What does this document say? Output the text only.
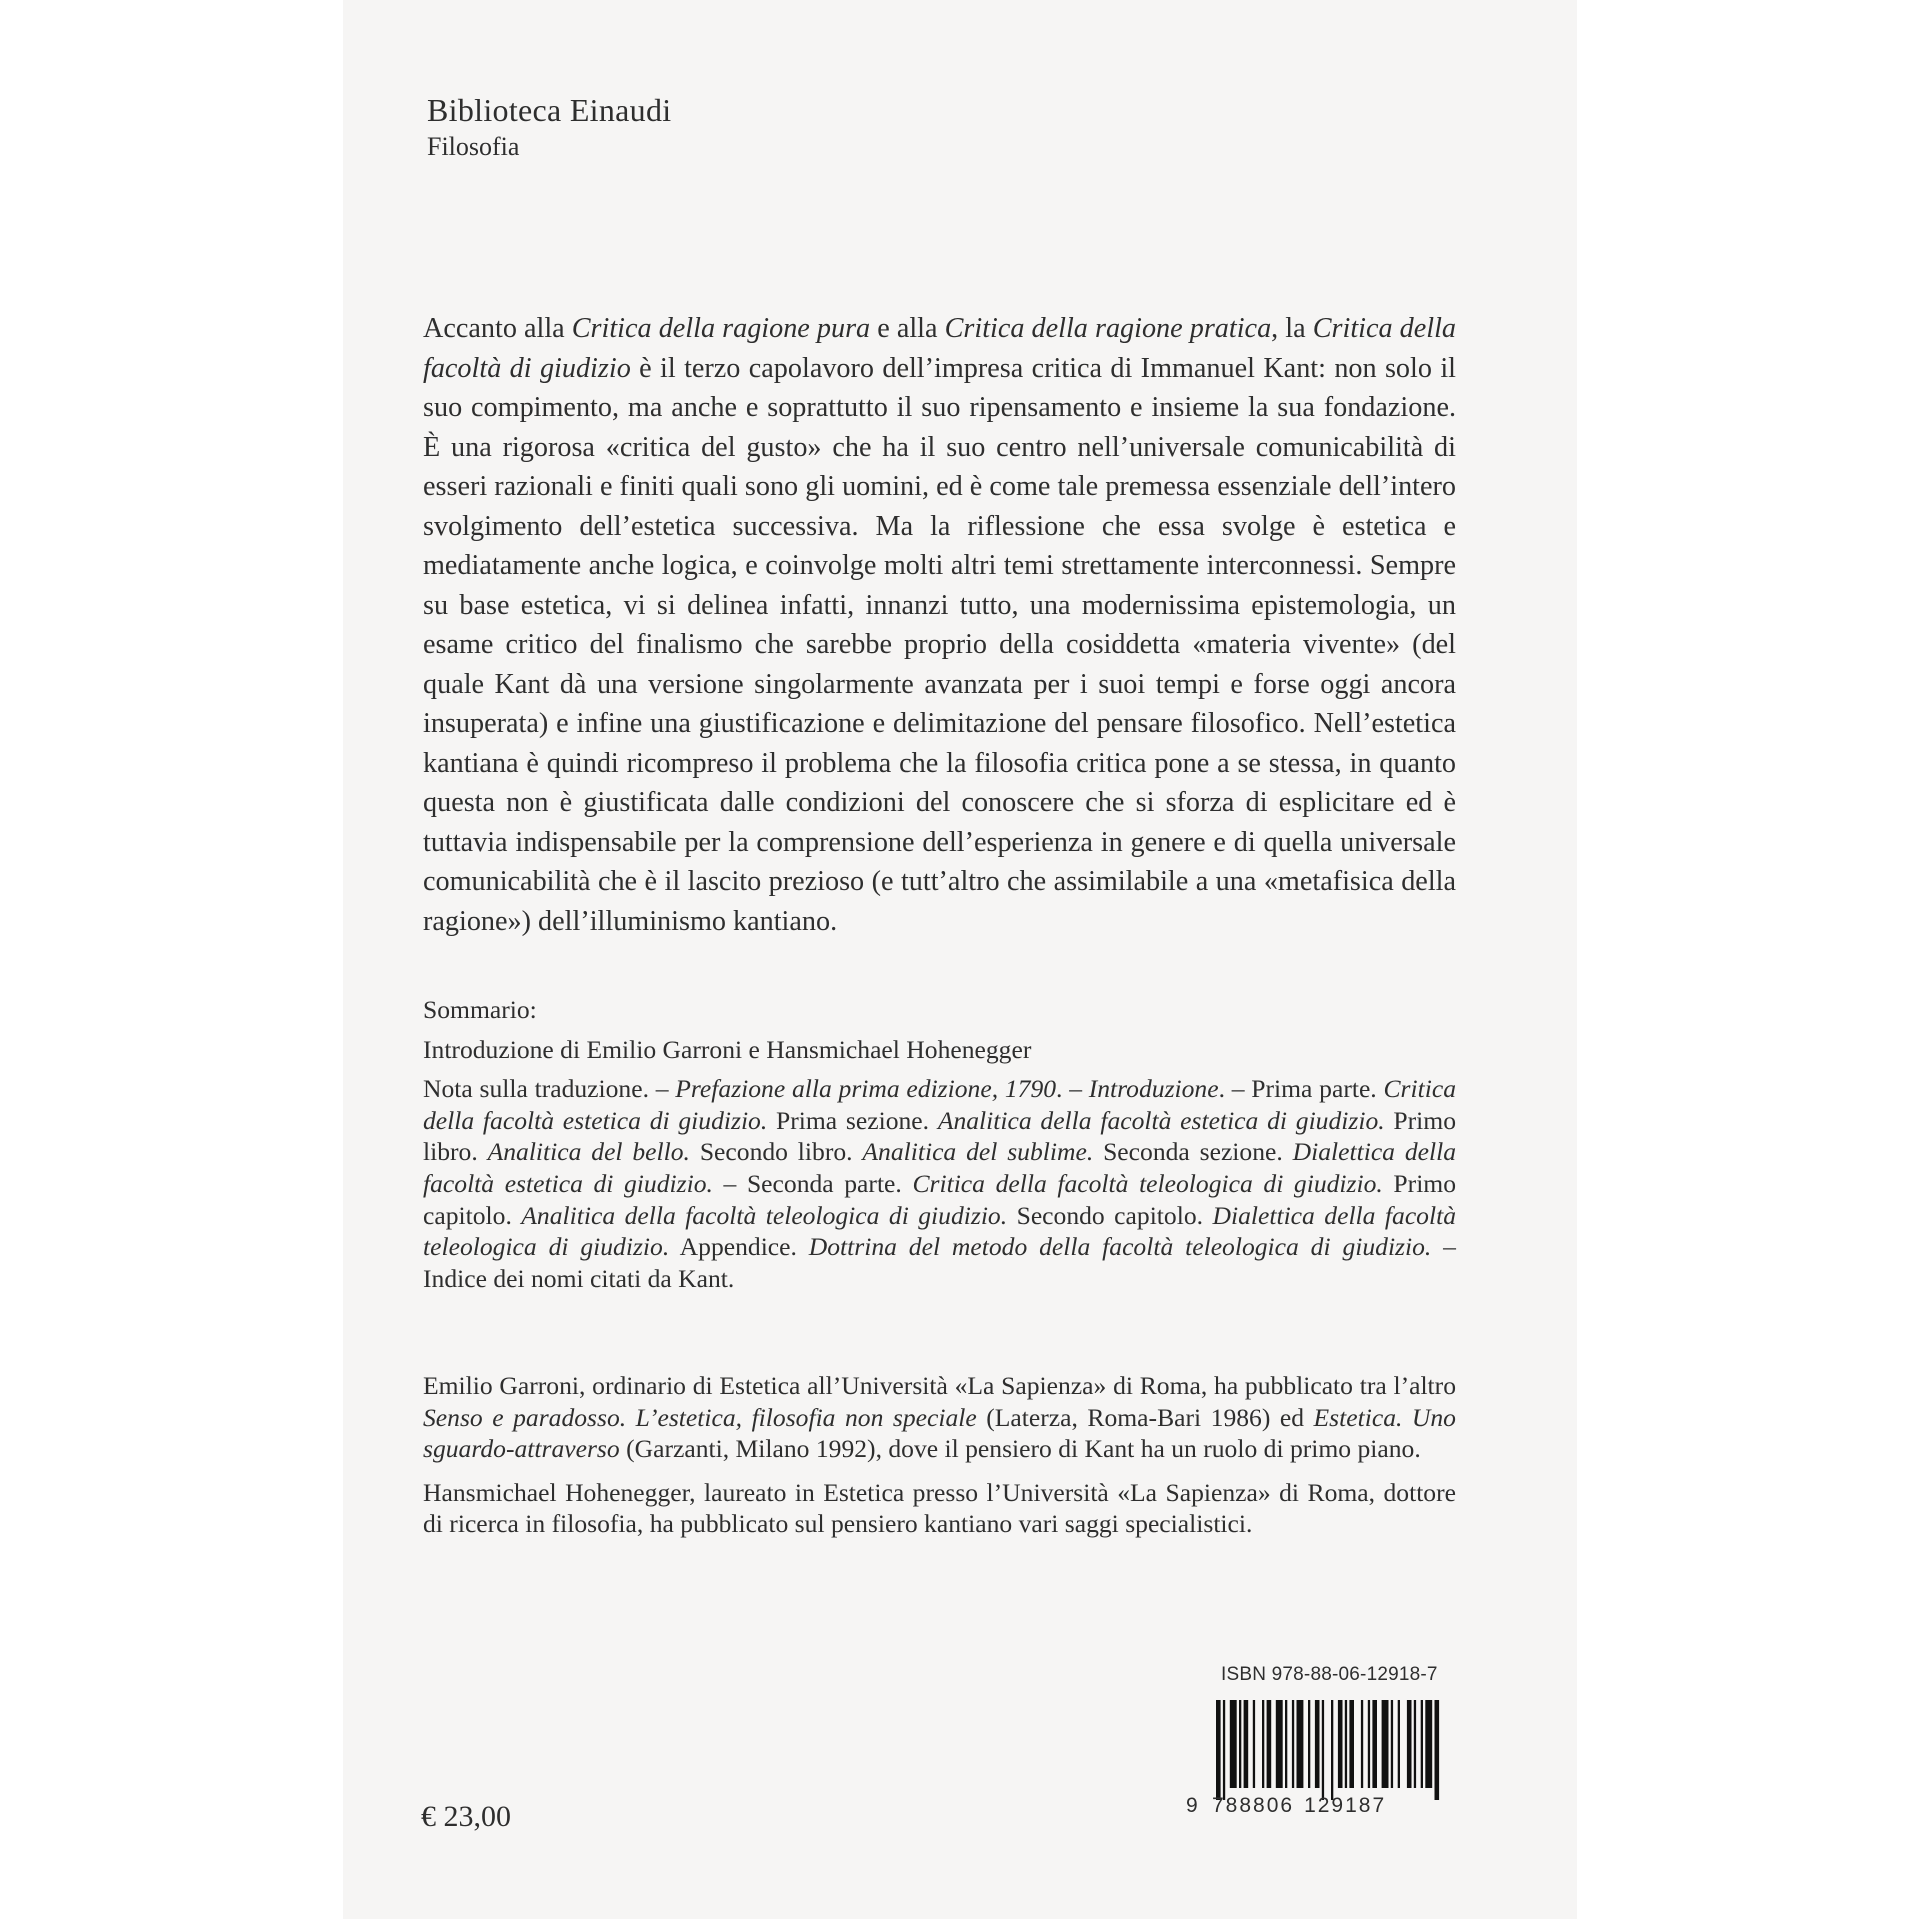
Biblioteca Einaudi
Filosofia

Accanto alla Critica della ragione pura e alla Critica della ragione pratica, la Critica della facoltà di giudizio è il terzo capolavoro dell’impresa critica di Immanuel Kant: non solo il suo compimento, ma anche e soprattutto il suo ripensamento e insieme la sua fondazione. È una rigorosa «critica del gusto» che ha il suo centro nell’universale comunicabilità di esseri razionali e finiti quali sono gli uomini, ed è come tale premessa essenziale dell’intero svolgimento dell’estetica successiva. Ma la riflessione che essa svolge è estetica e mediatamente anche logica, e coinvolge molti altri temi strettamente interconnessi. Sempre su base estetica, vi si delinea infatti, innanzi tutto, una modernissima epistemologia, un esame critico del finalismo che sarebbe proprio della cosiddetta «materia vivente» (del quale Kant dà una versione singolarmente avanzata per i suoi tempi e forse oggi ancora insuperata) e infine una giustificazione e delimitazione del pensare filosofico. Nell’estetica kantiana è quindi ricompreso il problema che la filosofia critica pone a se stessa, in quanto questa non è giustificata dalle condizioni del conoscere che si sforza di esplicitare ed è tuttavia indispensabile per la comprensione dell’esperienza in genere e di quella universale comunicabilità che è il lascito prezioso (e tutt’altro che assimilabile a una «metafisica della ragione») dell’illuminismo kantiano.

Sommario:

Introduzione di Emilio Garroni e Hansmichael Hohenegger

Nota sulla traduzione. – Prefazione alla prima edizione, 1790. – Introduzione. – Prima parte. Critica della facoltà estetica di giudizio. Prima sezione. Analitica della facoltà estetica di giudizio. Primo libro. Analitica del bello. Secondo libro. Analitica del sublime. Seconda sezione. Dialettica della facoltà estetica di giudizio. – Seconda parte. Critica della facoltà teleologica di giudizio. Primo capitolo. Analitica della facoltà teleologica di giudizio. Secondo capitolo. Dialettica della facoltà teleologica di giudizio. Appendice. Dottrina del metodo della facoltà teleologica di giudizio. – Indice dei nomi citati da Kant.

Emilio Garroni, ordinario di Estetica all’Università «La Sapienza» di Roma, ha pubblicato tra l’altro Senso e paradosso. L’estetica, filosofia non speciale (Laterza, Roma-Bari 1986) ed Estetica. Uno sguardo-attraverso (Garzanti, Milano 1992), dove il pensiero di Kant ha un ruolo di primo piano.

Hansmichael Hohenegger, laureato in Estetica presso l’Università «La Sapienza» di Roma, dottore di ricerca in filosofia, ha pubblicato sul pensiero kantiano vari saggi specialistici.

€ 23,00
ISBN 978-88-06-12918-7
9 788806 129187
